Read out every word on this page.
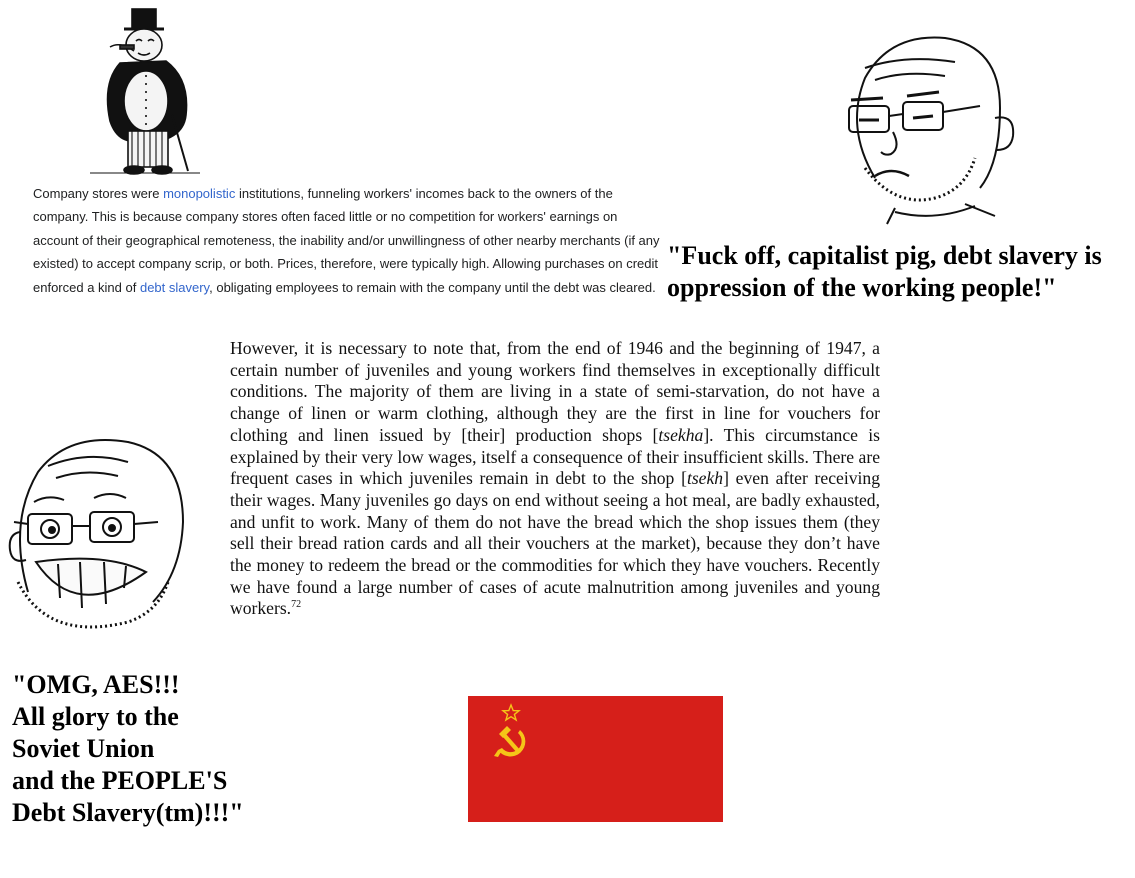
Company stores were monopolistic institutions, funneling workers' incomes back to the owners of the company. This is because company stores often faced little or no competition for workers' earnings on account of their geographical remoteness, the inability and/or unwillingness of other nearby merchants (if any existed) to accept company scrip, or both. Prices, therefore, were typically high. Allowing purchases on credit enforced a kind of debt slavery, obligating employees to remain with the company until the debt was cleared.

"Fuck off, capitalist pig, debt slavery is oppression of the working people!"

However, it is necessary to note that, from the end of 1946 and the beginning of 1947, a certain number of juveniles and young workers find themselves in exceptionally difficult conditions. The majority of them are living in a state of semi-starvation, do not have a change of linen or warm clothing, although they are the first in line for vouchers for clothing and linen issued by [their] production shops [tsekha]. This circumstance is explained by their very low wages, itself a consequence of their insufficient skills. There are frequent cases in which juveniles remain in debt to the shop [tsekh] even after receiving their wages. Many juveniles go days on end without seeing a hot meal, are badly exhausted, and unfit to work. Many of them do not have the bread which the shop issues them (they sell their bread ration cards and all their vouchers at the market), because they don’t have the money to redeem the bread or the commodities for which they have vouchers. Recently we have found a large number of cases of acute malnutrition among juveniles and young workers.$^{72}$
"OMG, AES!!!
All glory to the
Soviet Union
and the PEOPLE'S
Debt Slavery(tm)!!!"
